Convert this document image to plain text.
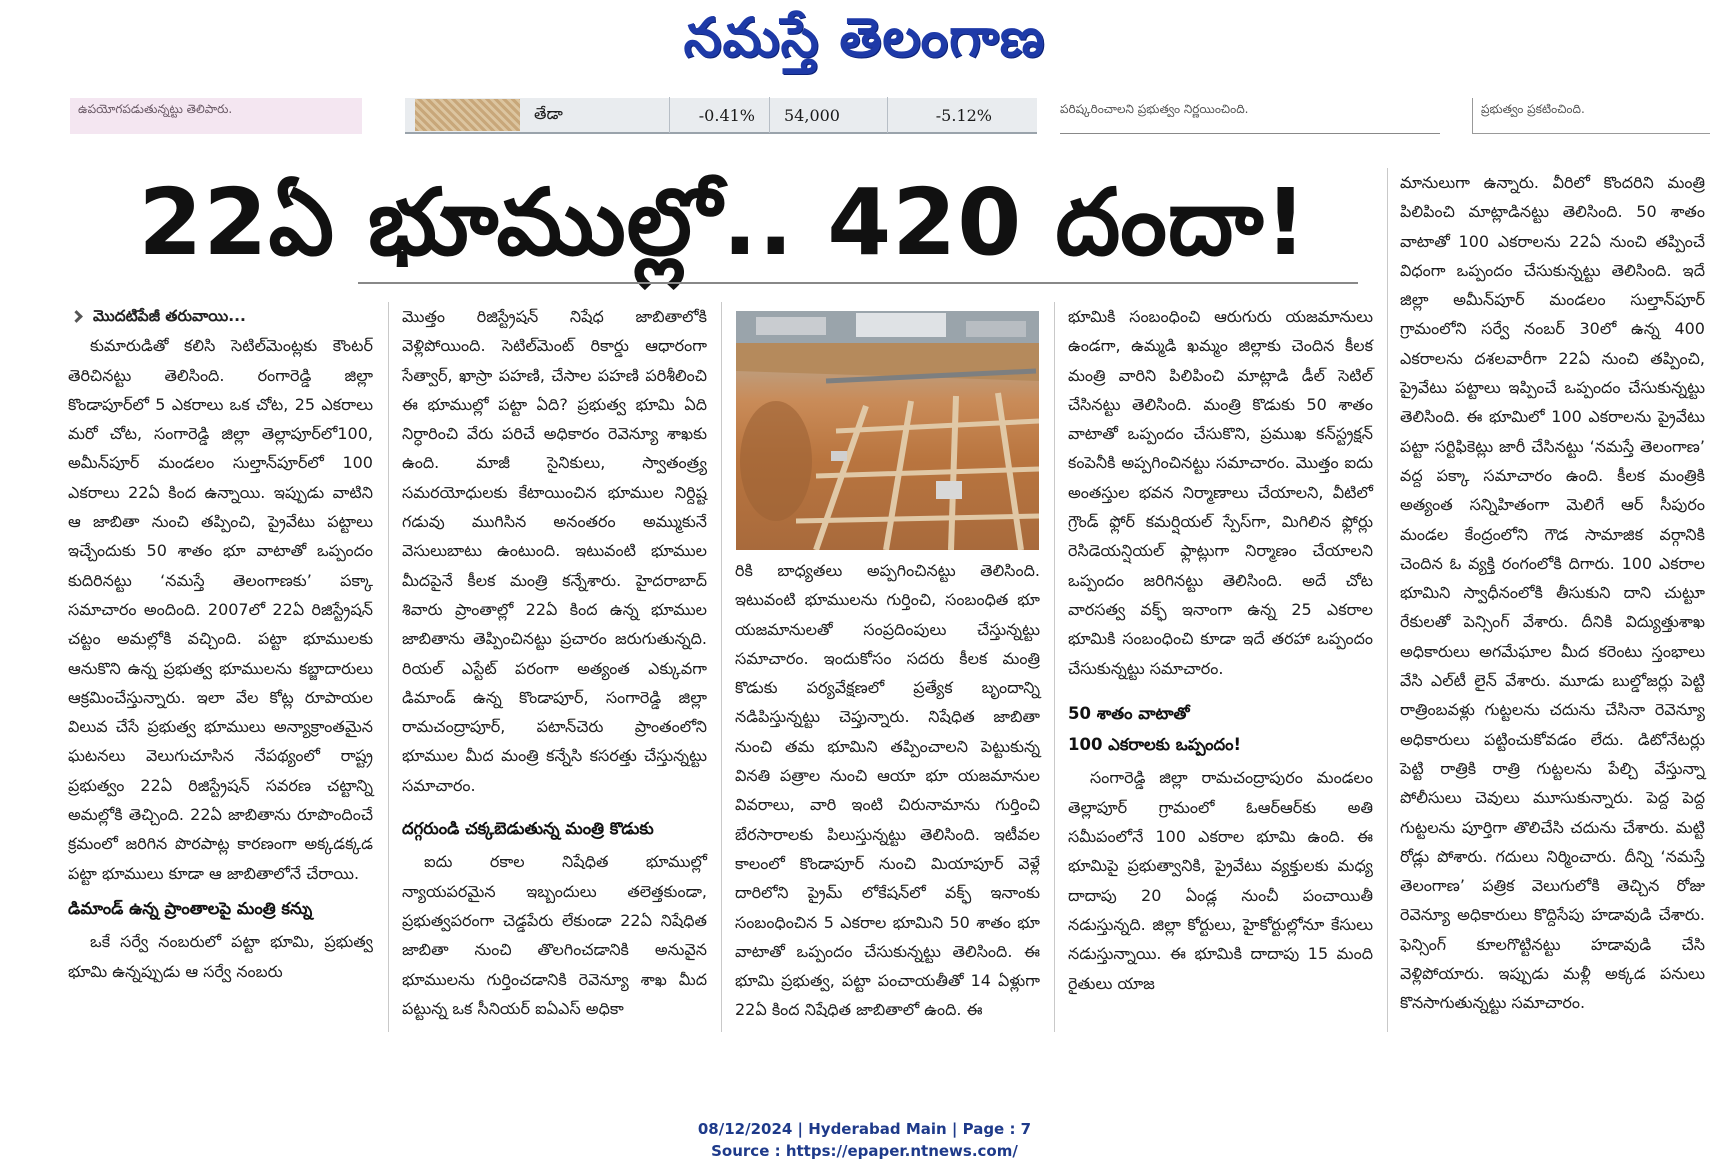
నమస్తే తెలంగాణ
ఉపయోగపడుతున్నట్టు తెలిపారు.	తేడా	-0.41%	54,000	-5.12%	పరిష్కరించాలని ప్రభుత్వం నిర్ణయించింది.	ప్రభుత్వం ప్రకటించింది.
22ఏ భూముల్లో.. 420 దందా!
మొదటిపేజీ తరువాయి...

కుమారుడితో కలిసి సెటిల్‌మెంట్లకు కౌంటర్ తెరిచినట్టు తెలిసింది. రంగారెడ్డి జిల్లా కొండాపూర్‌లో 5 ఎకరాలు ఒక చోట, 25 ఎకరాలు మరో చోట, సంగారెడ్డి జిల్లా తెల్లాపూర్‌లో100, అమీన్‌పూర్ మండలం సుల్తాన్‌పూర్‌లో 100 ఎకరాలు 22ఏ కింద ఉన్నాయి. ఇప్పుడు వాటిని ఆ జాబితా నుంచి తప్పించి, ప్రైవేటు పట్టాలు ఇచ్చేందుకు 50 శాతం భూ వాటాతో ఒప్పందం కుదిరినట్టు ‘నమస్తే తెలంగాణకు’ పక్కా సమాచారం అందింది. 2007లో 22ఏ రిజిస్ట్రేషన్ చట్టం అమల్లోకి వచ్చింది. పట్టా భూములకు ఆనుకొని ఉన్న ప్రభుత్వ భూములను కబ్జాదారులు ఆక్రమించేస్తున్నారు. ఇలా వేల కోట్ల రూపాయల విలువ చేసే ప్రభుత్వ భూములు అన్యాక్రాంతమైన ఘటనలు వెలుగుచూసిన నేపథ్యంలో రాష్ట్ర ప్రభుత్వం 22ఏ రిజిస్ట్రేషన్ సవరణ చట్టాన్ని అమల్లోకి తెచ్చింది. 22ఏ జాబితాను రూపొందించే క్రమంలో జరిగిన పొరపాట్ల కారణంగా అక్కడక్కడ పట్టా భూములు కూడా ఆ జాబితాలోనే చేరాయి.

డిమాండ్ ఉన్న ప్రాంతాలపై మంత్రి కన్ను

ఒకే సర్వే నంబరులో పట్టా భూమి, ప్రభుత్వ భూమి ఉన్నప్పుడు ఆ సర్వే నంబరు

మొత్తం రిజిస్ట్రేషన్ నిషేధ జాబితాలోకి వెళ్లిపోయింది. సెటిల్‌మెంట్ రికార్డు ఆధారంగా సేత్వార్, ఖాస్రా పహణి, చేసాల పహణి పరిశీలించి ఈ భూముల్లో పట్టా ఏది? ప్రభుత్వ భూమి ఏది నిర్ధారించి వేరు పరిచే అధికారం రెవెన్యూ శాఖకు ఉంది. మాజీ సైనికులు, స్వాతంత్ర్య సమరయోధులకు కేటాయించిన భూముల నిర్దిష్ట గడువు ముగిసిన అనంతరం అమ్ముకునే వెసులుబాటు ఉంటుంది. ఇటువంటి భూముల మీదపైనే కీలక మంత్రి కన్నేశారు. హైదరాబాద్ శివారు ప్రాంతాల్లో 22ఏ కింద ఉన్న భూముల జాబితాను తెప్పించినట్టు ప్రచారం జరుగుతున్నది. రియల్ ఎస్టేట్ పరంగా అత్యంత ఎక్కువగా డిమాండ్ ఉన్న కొండాపూర్, సంగారెడ్డి జిల్లా రామచంద్రాపూర్, పటాన్‌చెరు ప్రాంతంలోని భూముల మీద మంత్రి కన్నేసి కసరత్తు చేస్తున్నట్టు సమాచారం.

దగ్గరుండి చక్కబెడుతున్న మంత్రి కొడుకు

ఐదు రకాల నిషేధిత భూముల్లో న్యాయపరమైన ఇబ్బందులు తలెత్తకుండా, ప్రభుత్వపరంగా చెడ్డపేరు లేకుండా 22ఏ నిషేధిత జాబితా నుంచి తొలగించడానికి అనువైన భూములను గుర్తించడానికి రెవెన్యూ శాఖ మీద పట్టున్న ఒక సీనియర్ ఐఏఎస్ అధికా

రికి బాధ్యతలు అప్పగించినట్టు తెలిసింది. ఇటువంటి భూములను గుర్తించి, సంబంధిత భూ యజమానులతో సంప్రదింపులు చేస్తున్నట్టు సమాచారం. ఇందుకోసం సదరు కీలక మంత్రి కొడుకు పర్యవేక్షణలో ప్రత్యేక బృందాన్ని నడిపిస్తున్నట్టు చెప్తున్నారు. నిషేధిత జాబితా నుంచి తమ భూమిని తప్పించాలని పెట్టుకున్న వినతి పత్రాల నుంచి ఆయా భూ యజమానుల వివరాలు, వారి ఇంటి చిరునామాను గుర్తించి బేరసారాలకు పిలుస్తున్నట్టు తెలిసింది. ఇటీవల కాలంలో కొండాపూర్ నుంచి మియాపూర్ వెళ్లే దారిలోని ప్రైమ్ లోకేషన్‌లో వక్ఫ్ ఇనాంకు సంబంధించిన 5 ఎకరాల భూమిని 50 శాతం భూ వాటాతో ఒప్పందం చేసుకున్నట్టు తెలిసింది. ఈ భూమి ప్రభుత్వ, పట్టా పంచాయతీతో 14 ఏళ్లుగా 22ఏ కింద నిషేధిత జాబితాలో ఉంది. ఈ

భూమికి సంబంధించి ఆరుగురు యజమానులు ఉండగా, ఉమ్మడి ఖమ్మం జిల్లాకు చెందిన కీలక మంత్రి వారిని పిలిపించి మాట్లాడి డీల్ సెటిల్ చేసినట్టు తెలిసింది. మంత్రి కొడుకు 50 శాతం వాటాతో ఒప్పందం చేసుకొని, ప్రముఖ కన్‌స్ట్రక్షన్ కంపెనీకి అప్పగించినట్టు సమాచారం. మొత్తం ఐదు అంతస్తుల భవన నిర్మాణాలు చేయాలని, వీటిలో గ్రౌండ్ ఫ్లోర్ కమర్షియల్ స్పేస్‌గా, మిగిలిన ఫ్లోర్లు రెసిడెయన్షియల్ ఫ్లాట్లుగా నిర్మాణం చేయాలని ఒప్పందం జరిగినట్టు తెలిసింది. అదే చోట వారసత్వ వక్ఫ్ ఇనాంగా ఉన్న 25 ఎకరాల భూమికి సంబంధించి కూడా ఇదే తరహా ఒప్పందం చేసుకున్నట్టు సమాచారం.

50 శాతం వాటాతో
100 ఎకరాలకు ఒప్పందం!

సంగారెడ్డి జిల్లా రామచంద్రాపురం మండలం తెల్లాపూర్ గ్రామంలో ఓఆర్‌ఆర్‌కు అతి సమీపంలోనే 100 ఎకరాల భూమి ఉంది. ఈ భూమిపై ప్రభుత్వానికి, ప్రైవేటు వ్యక్తులకు మధ్య దాదాపు 20 ఏండ్ల నుంచీ పంచాయితీ నడుస్తున్నది. జిల్లా కోర్టులు, హైకోర్టుల్లోనూ కేసులు నడుస్తున్నాయి. ఈ భూమికి దాదాపు 15 మంది రైతులు యాజ

మానులుగా ఉన్నారు. వీరిలో కొందరిని మంత్రి పిలిపించి మాట్లాడినట్టు తెలిసింది. 50 శాతం వాటాతో 100 ఎకరాలను 22ఏ నుంచి తప్పించే విధంగా ఒప్పందం చేసుకున్నట్టు తెలిసింది. ఇదే జిల్లా అమీన్‌పూర్ మండలం సుల్తాన్‌పూర్ గ్రామంలోని సర్వే నంబర్ 30లో ఉన్న 400 ఎకరాలను దశలవారీగా 22ఏ నుంచి తప్పించి, ప్రైవేటు పట్టాలు ఇప్పించే ఒప్పందం చేసుకున్నట్టు తెలిసింది. ఈ భూమిలో 100 ఎకరాలను ప్రైవేటు పట్టా సర్టిఫికెట్లు జారీ చేసినట్టు ‘నమస్తే తెలంగాణ’ వద్ద పక్కా సమాచారం ఉంది. కీలక మంత్రికి అత్యంత సన్నిహితంగా మెలిగే ఆర్ సీపురం మండల కేంద్రంలోని గౌడ సామాజిక వర్గానికి చెందిన ఓ వ్యక్తి రంగంలోకి దిగారు. 100 ఎకరాల భూమిని స్వాధీనంలోకి తీసుకుని దాని చుట్టూ రేకులతో పెన్సింగ్ వేశారు. దీనికి విద్యుత్తుశాఖ అధికారులు అగమేఘాల మీద కరెంటు స్తంభాలు వేసి ఎల్‌టీ లైన్ వేశారు. మూడు బుల్డోజర్లు పెట్టి రాత్రింబవళ్లు గుట్టలను చదును చేసినా రెవెన్యూ అధికారులు పట్టించుకోవడం లేదు. డిటోనేటర్లు పెట్టి రాత్రికి రాత్రి గుట్టలను పేల్చి వేస్తున్నా పోలీసులు చెవులు మూసుకున్నారు. పెద్ద పెద్ద గుట్టలను పూర్తిగా తొలిచేసి చదును చేశారు. మట్టి రోడ్లు పోశారు. గదులు నిర్మించారు. దీన్ని ‘నమస్తే తెలంగాణ’ పత్రిక వెలుగులోకి తెచ్చిన రోజు రెవెన్యూ అధికారులు కొద్దిసేపు హడావుడి చేశారు. ఫెన్సింగ్ కూలగొట్టినట్టు హడావుడి చేసి వెళ్లిపోయారు. ఇప్పుడు మళ్లీ అక్కడ పనులు కొనసాగుతున్నట్టు సమాచారం.

08/12/2024 | Hyderabad Main | Page : 7
Source : https://epaper.ntnews.com/
